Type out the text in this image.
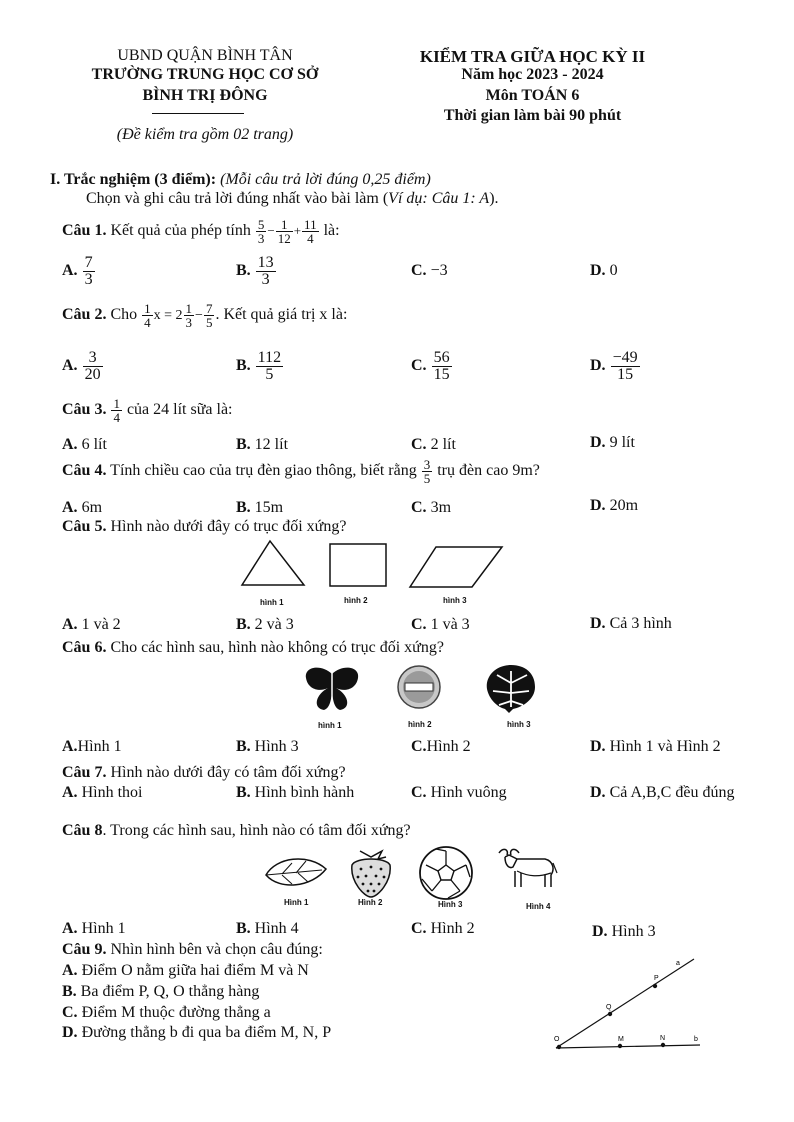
UBND QUẬN BÌNH TÂN
TRƯỜNG TRUNG HỌC CƠ SỞ
BÌNH TRỊ ĐÔNG
(Đề kiểm tra gồm 02 trang)
KIỂM TRA GIỮA HỌC KỲ II
Năm học 2023 - 2024
Môn TOÁN 6
Thời gian làm bài 90 phút
I. Trắc nghiệm (3 điểm): (Mỗi câu trả lời đúng 0,25 điểm)
Chọn và ghi câu trả lời đúng nhất vào bài làm (Ví dụ: Câu 1: A).
Câu 1. Kết quả của phép tính $\frac{5}{3} - \frac{1}{12} + \frac{11}{4}$ là:
A. $\frac{7}{3}$	B. $\frac{13}{3}$	C. −3	D. 0
Câu 2. Cho $\frac{1}{4}$ $x = 2 \frac{1}{3} - \frac{7}{5}$ . Kết quả giá trị x là:
A. $\frac{3}{20}$	B. $\frac{112}{5}$	C. $\frac{56}{15}$	D. $\frac{-49}{15}$
Câu 3. $\frac{1}{4}$ của 24 lít sữa là:
A. 6 lít	B. 12 lít	C. 2 lít	D. 9 lít
Câu 4. Tính chiều cao của trụ đèn giao thông, biết rằng $\frac{3}{5}$ trụ đèn cao 9m?
A. 6m	B. 15m	C. 3m	D. 20m
Câu 5. Hình nào dưới đây có trục đối xứng?
hình 1	hình 2	hình 3
A. 1 và 2	B. 2 và 3	C. 1 và 3	D. Cả 3 hình
Câu 6. Cho các hình sau, hình nào không có trục đối xứng?
hình 1	hình 2	hình 3
A.Hình 1	B. Hình 3	C.Hình 2	D. Hình 1 và Hình 2
Câu 7. Hình nào dưới đây có tâm đối xứng?
A. Hình thoi	B. Hình bình hành	C. Hình vuông	D. Cả A,B,C đều đúng
Câu 8. Trong các hình sau, hình nào có tâm đối xứng?
Hình 1	Hình 2	Hình 3	Hình 4
A. Hình 1	B. Hình 4	C. Hình 2	D. Hình 3
Câu 9. Nhìn hình bên và chọn câu đúng:
A. Điểm O nằm giữa hai điểm M và N
B. Ba điểm P, Q, O thẳng hàng
C. Điểm M thuộc đường thẳng a
D. Đường thẳng b đi qua ba điểm M, N, P
a
P
Q
O	M	N	b
